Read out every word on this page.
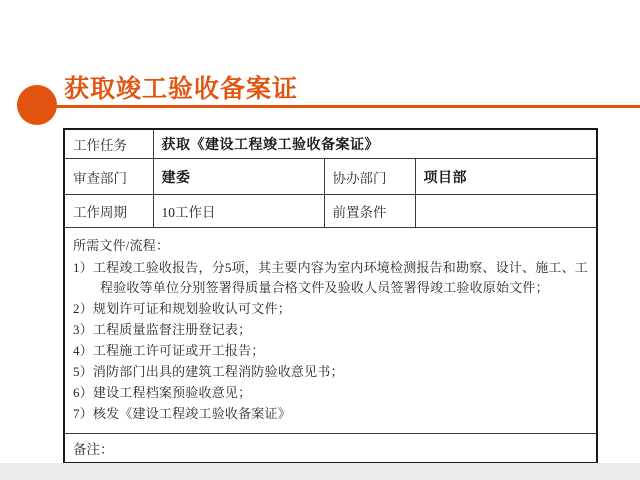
获取竣工验收备案证
工作任务	获取《建设工程竣工验收备案证》		
审查部门	建委	协办部门	项目部
工作周期	10工作日	前置条件	

所需文件/流程：
1）工程竣工验收报告，分5项，其主要内容为室内环境检测报告和勘察、设计、施工、工程验收等单位分别签署得质量合格文件及验收人员签署得竣工验收原始文件；
2）规划许可证和规划验收认可文件；
3）工程质量监督注册登记表；
4）工程施工许可证或开工报告；
5）消防部门出具的建筑工程消防验收意见书；
6）建设工程档案预验收意见；
7）核发《建设工程竣工验收备案证》

备注：			
